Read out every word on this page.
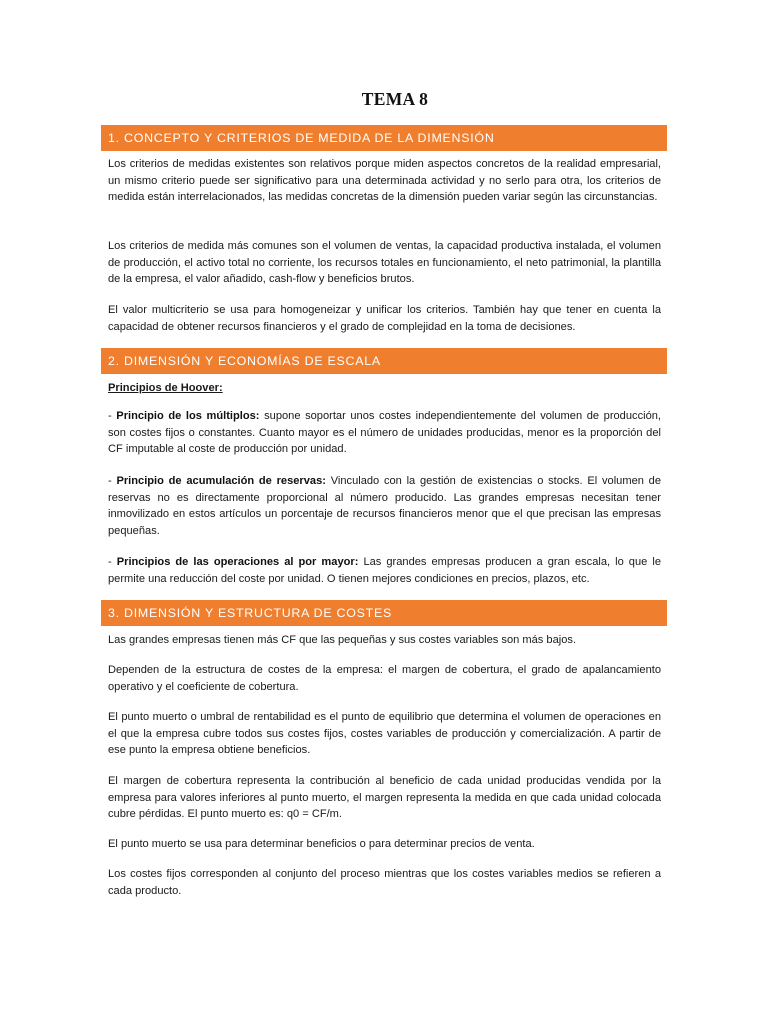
TEMA 8
1. CONCEPTO Y CRITERIOS DE MEDIDA DE LA DIMENSIÓN

Los criterios de medidas existentes son relativos porque miden aspectos concretos de la realidad empresarial, un mismo criterio puede ser significativo para una determinada actividad y no serlo para otra, los criterios de medida están interrelacionados, las medidas concretas de la dimensión pueden variar según las circunstancias.

Los criterios de medida más comunes son el volumen de ventas, la capacidad productiva instalada, el volumen de producción, el activo total no corriente, los recursos totales en funcionamiento, el neto patrimonial, la plantilla de la empresa, el valor añadido, cash-flow y beneficios brutos.

El valor multicriterio se usa para homogeneizar y unificar los criterios. También hay que tener en cuenta la capacidad de obtener recursos financieros y el grado de complejidad en la toma de decisiones.

2. DIMENSIÓN Y ECONOMÍAS DE ESCALA

Principios de Hoover:

- Principio de los múltiplos: supone soportar unos costes independientemente del volumen de producción, son costes fijos o constantes. Cuanto mayor es el número de unidades producidas, menor es la proporción del CF imputable al coste de producción por unidad.

- Principio de acumulación de reservas: Vinculado con la gestión de existencias o stocks. El volumen de reservas no es directamente proporcional al número producido. Las grandes empresas necesitan tener inmovilizado en estos artículos un porcentaje de recursos financieros menor que el que precisan las empresas pequeñas.

- Principios de las operaciones al por mayor: Las grandes empresas producen a gran escala, lo que le permite una reducción del coste por unidad. O tienen mejores condiciones en precios, plazos, etc.

3. DIMENSIÓN Y ESTRUCTURA DE COSTES

Las grandes empresas tienen más CF que las pequeñas y sus costes variables son más bajos.

Dependen de la estructura de costes de la empresa: el margen de cobertura, el grado de apalancamiento operativo y el coeficiente de cobertura.

El punto muerto o umbral de rentabilidad es el punto de equilibrio que determina el volumen de operaciones en el que la empresa cubre todos sus costes fijos, costes variables de producción y comercialización. A partir de ese punto la empresa obtiene beneficios.

El margen de cobertura representa la contribución al beneficio de cada unidad producidas vendida por la empresa para valores inferiores al punto muerto, el margen representa la medida en que cada unidad colocada cubre pérdidas. El punto muerto es: q0 = CF/m.

El punto muerto se usa para determinar beneficios o para determinar precios de venta.

Los costes fijos corresponden al conjunto del proceso mientras que los costes variables medios se refieren a cada producto.
